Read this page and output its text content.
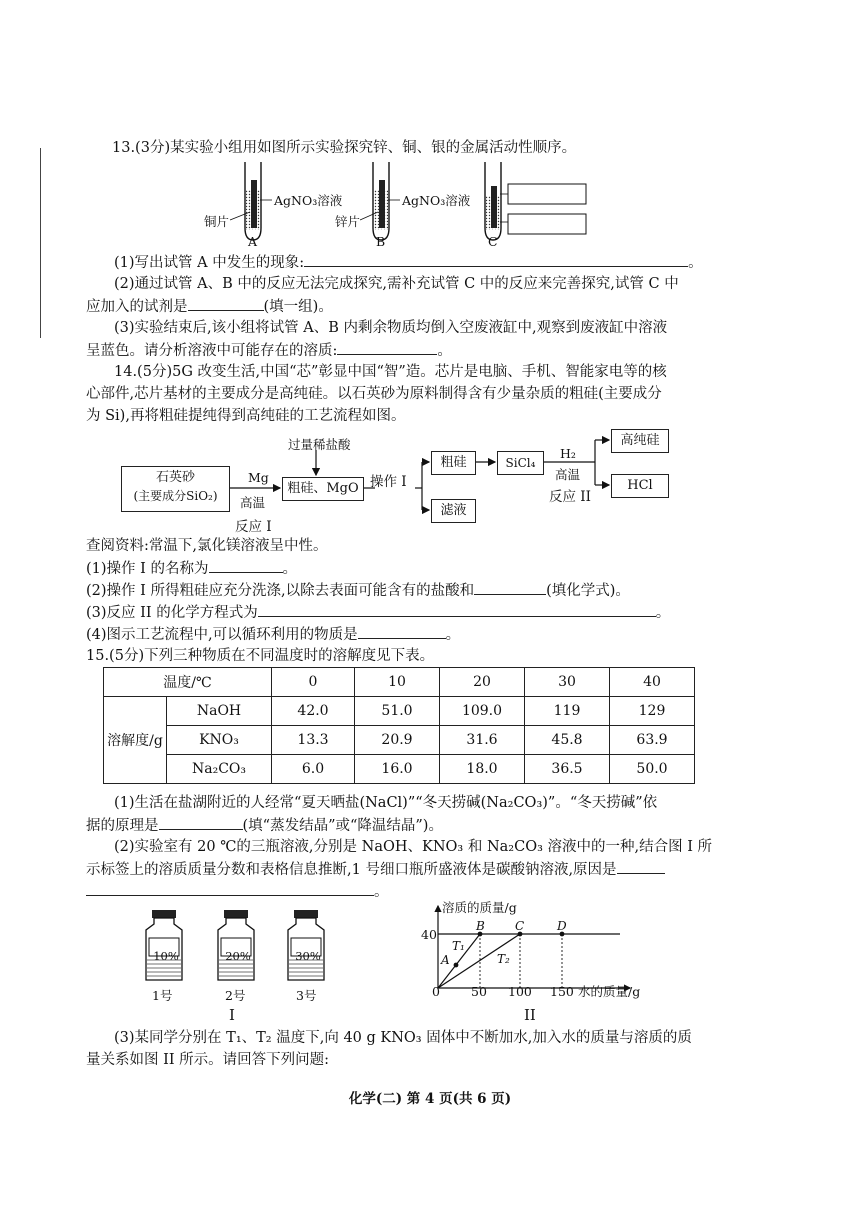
13.(3分)某实验小组用如图所示实验探究锌、铜、银的金属活动性顺序。
AgNO₃溶液
铜片
A
AgNO₃溶液
锌片
B	C
(1)写出试管 A 中发生的现象:	。
(2)通过试管 A、B 中的反应无法完成探究,需补充试管 C 中的反应来完善探究,试管 C 中
应加入的试剂是	(填一组)。
(3)实验结束后,该小组将试管 A、B 内剩余物质均倒入空废液缸中,观察到废液缸中溶液
呈蓝色。请分析溶液中可能存在的溶质:	。
14.(5分)5G 改变生活,中国“芯”彰显中国“智”造。芯片是电脑、手机、智能家电等的核
心部件,芯片基材的主要成分是高纯硅。以石英砂为原料制得含有少量杂质的粗硅(主要成分
为 Si),再将粗硅提纯得到高纯硅的工艺流程如图。
石英砂
(主要成分SiO₂)
Mg
高温
反应 I
过量稀盐酸
粗硅、MgO 操作 I
粗硅
滤液
SiCl₄
H₂
高温
反应 II
高纯硅
HCl
查阅资料:常温下,氯化镁溶液呈中性。
(1)操作 I 的名称为	。
(2)操作 I 所得粗硅应充分洗涤,以除去表面可能含有的盐酸和	(填化学式)。
(3)反应 II 的化学方程式为	。
(4)图示工艺流程中,可以循环利用的物质是	。
15.(5分)下列三种物质在不同温度时的溶解度见下表。
温度/℃		0	10	20	30	40
溶解度/g	NaOH	42.0	51.0	109.0	119	129
	KNO₃	13.3	20.9	31.6	45.8	63.9
	Na₂CO₃	6.0	16.0	18.0	36.5	50.0
(1)生活在盐湖附近的人经常“夏天晒盐(NaCl)”“冬天捞碱(Na₂CO₃)”。“冬天捞碱”依
据的原理是	(填“蒸发结晶”或“降温结晶”)。
(2)实验室有 20 ℃的三瓶溶液,分别是 NaOH、KNO₃ 和 Na₂CO₃ 溶液中的一种,结合图 I 所
示标签上的溶质质量分数和表格信息推断,1 号细口瓶所盛液体是碳酸钠溶液,原因是
。
10%	20%	30%
1号	2号	3号
I
溶质的质量/g
40
0 50 100 150 水的质量/g
A
B	C	D
T₁
T₂
II
(3)某同学分别在 T₁、T₂ 温度下,向 40 g KNO₃ 固体中不断加水,加入水的质量与溶质的质
量关系如图 II 所示。请回答下列问题:
化学(二) 第 4 页(共 6 页)
